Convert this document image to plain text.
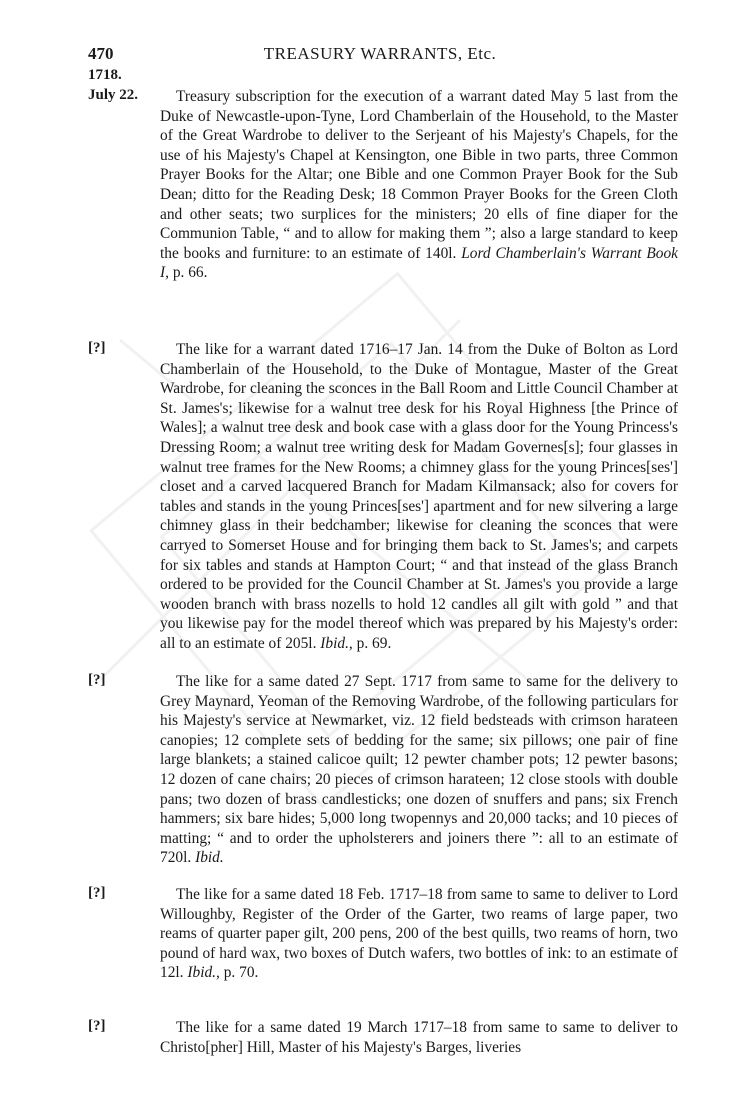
470	TREASURY WARRANTS, Etc.
1718.
July 22.	Treasury subscription for the execution of a warrant dated May 5 last from the Duke of Newcastle-upon-Tyne, Lord Chamberlain of the Household, to the Master of the Great Wardrobe to deliver to the Serjeant of his Majesty's Chapels, for the use of his Majesty's Chapel at Kensington, one Bible in two parts, three Common Prayer Books for the Altar; one Bible and one Common Prayer Book for the Sub Dean; ditto for the Reading Desk; 18 Common Prayer Books for the Green Cloth and other seats; two surplices for the ministers; 20 ells of fine diaper for the Communion Table, “ and to allow for making them ”; also a large standard to keep the books and furniture: to an estimate of 140l. Lord Chamberlain's Warrant Book I, p. 66.
[?]	The like for a warrant dated 1716–17 Jan. 14 from the Duke of Bolton as Lord Chamberlain of the Household, to the Duke of Montague, Master of the Great Wardrobe, for cleaning the sconces in the Ball Room and Little Council Chamber at St. James's; likewise for a walnut tree desk for his Royal Highness [the Prince of Wales]; a walnut tree desk and book case with a glass door for the Young Princess's Dressing Room; a walnut tree writing desk for Madam Governes[s]; four glasses in walnut tree frames for the New Rooms; a chimney glass for the young Princes[ses'] closet and a carved lacquered Branch for Madam Kilmansack; also for covers for tables and stands in the young Princes[ses'] apartment and for new silvering a large chimney glass in their bedchamber; likewise for cleaning the sconces that were carryed to Somerset House and for bringing them back to St. James's; and carpets for six tables and stands at Hampton Court; “ and that instead of the glass Branch ordered to be provided for the Council Chamber at St. James's you provide a large wooden branch with brass nozells to hold 12 candles all gilt with gold ” and that you likewise pay for the model thereof which was prepared by his Majesty's order: all to an estimate of 205l. Ibid., p. 69.
[?]	The like for a same dated 27 Sept. 1717 from same to same for the delivery to Grey Maynard, Yeoman of the Removing Wardrobe, of the following particulars for his Majesty's service at Newmarket, viz. 12 field bedsteads with crimson harateen canopies; 12 complete sets of bedding for the same; six pillows; one pair of fine large blankets; a stained calicoe quilt; 12 pewter chamber pots; 12 pewter basons; 12 dozen of cane chairs; 20 pieces of crimson harateen; 12 close stools with double pans; two dozen of brass candlesticks; one dozen of snuffers and pans; six French hammers; six bare hides; 5,000 long twopennys and 20,000 tacks; and 10 pieces of matting; “ and to order the upholsterers and joiners there ”: all to an estimate of 720l. Ibid.
[?]	The like for a same dated 18 Feb. 1717–18 from same to same to deliver to Lord Willoughby, Register of the Order of the Garter, two reams of large paper, two reams of quarter paper gilt, 200 pens, 200 of the best quills, two reams of horn, two pound of hard wax, two boxes of Dutch wafers, two bottles of ink: to an estimate of 12l. Ibid., p. 70.
[?]	The like for a same dated 19 March 1717–18 from same to same to deliver to Christo[pher] Hill, Master of his Majesty's Barges, liveries
